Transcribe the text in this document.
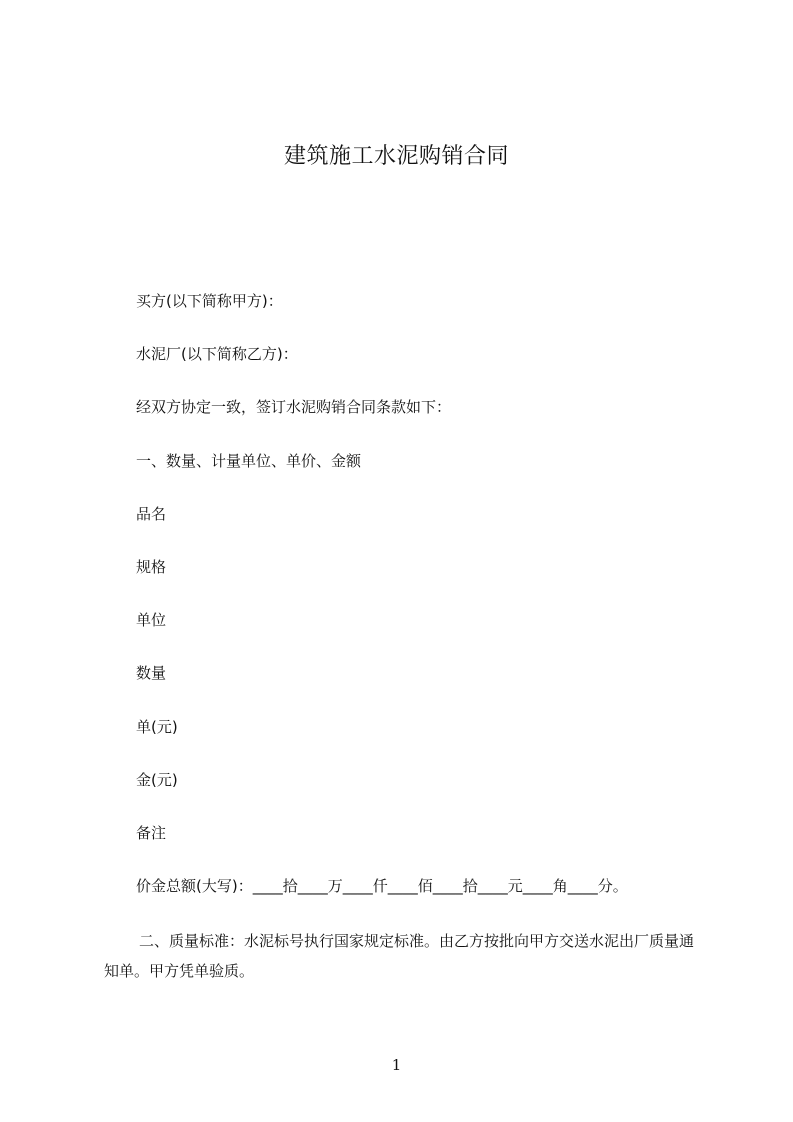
建筑施工水泥购销合同
买方(以下简称甲方)：
水泥厂(以下简称乙方)：
经双方协定一致，签订水泥购销合同条款如下：
一、数量、计量单位、单价、金额
品名
规格
单位
数量
单(元)
金(元)
备注
价金总额(大写)：____拾____万____仟____佰____拾____元____角____分。
二、质量标准：水泥标号执行国家规定标准。由乙方按批向甲方交送水泥出厂质量通知单。甲方凭单验质。
1
